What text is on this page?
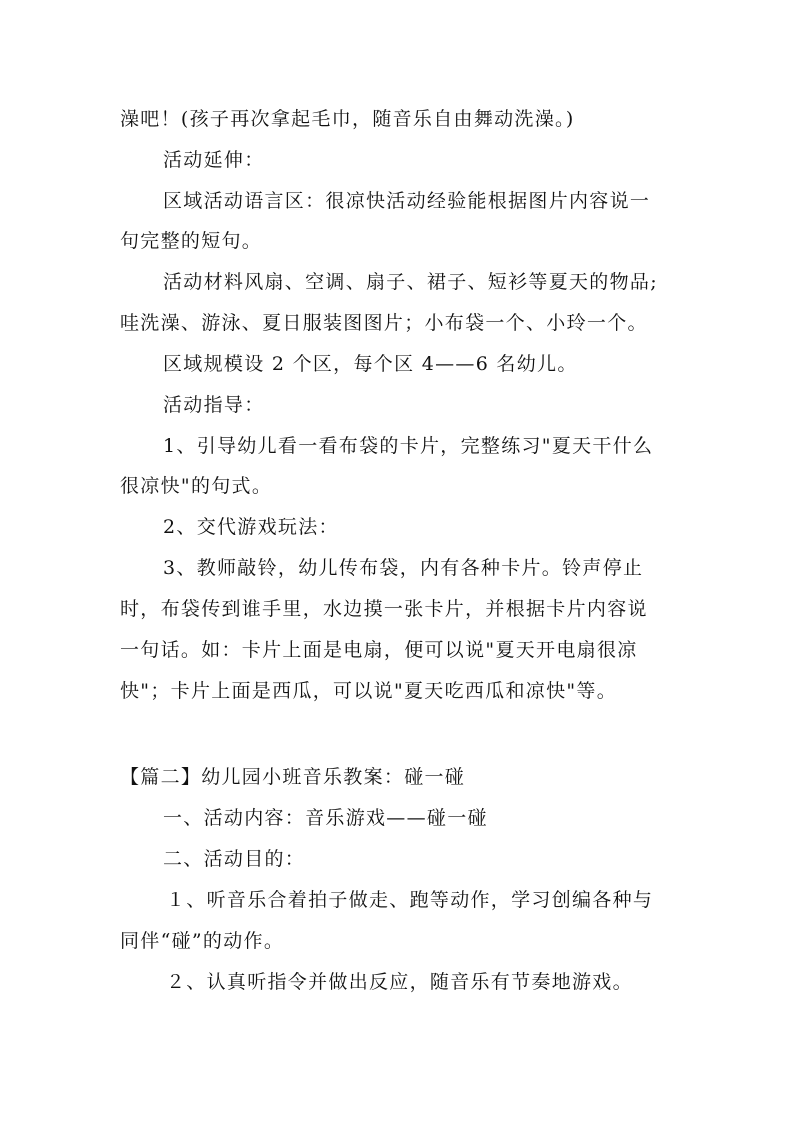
澡吧！(孩子再次拿起毛巾，随音乐自由舞动洗澡。)
活动延伸：
区域活动语言区：很凉快活动经验能根据图片内容说一
句完整的短句。
活动材料风扇、空调、扇子、裙子、短衫等夏天的物品;
哇洗澡、游泳、夏日服装图图片；小布袋一个、小玲一个。
区域规模设 2 个区，每个区 4——6 名幼儿。
活动指导：
1、引导幼儿看一看布袋的卡片，完整练习"夏天干什么
很凉快"的句式。
2、交代游戏玩法：
3、教师敲铃，幼儿传布袋，内有各种卡片。铃声停止
时，布袋传到谁手里，水边摸一张卡片，并根据卡片内容说
一句话。如：卡片上面是电扇，便可以说"夏天开电扇很凉
快"；卡片上面是西瓜，可以说"夏天吃西瓜和凉快"等。
【篇二】幼儿园小班音乐教案：碰一碰
一、活动内容：音乐游戏——碰一碰
二、活动目的：
１、听音乐合着拍子做走、跑等动作，学习创编各种与
同伴“碰”的动作。
２、认真听指令并做出反应，随音乐有节奏地游戏。
